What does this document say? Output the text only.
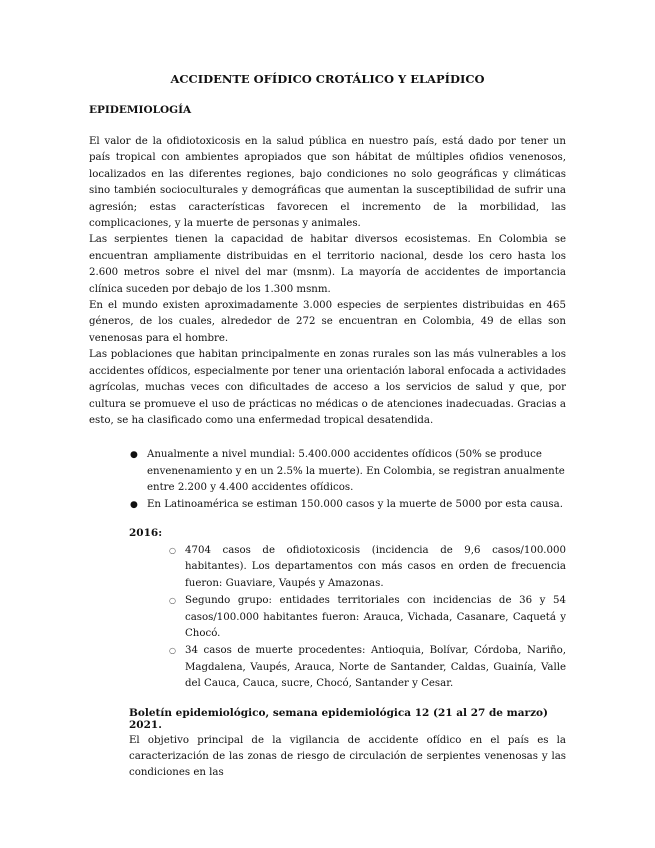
ACCIDENTE OFÍDICO CROTÁLICO Y ELAPÍDICO
EPIDEMIOLOGÍA

El valor de la ofidiotoxicosis en la salud pública en nuestro país, está dado por tener un país tropical con ambientes apropiados que son hábitat de múltiples ofidios venenosos, localizados en las diferentes regiones, bajo condiciones no solo geográficas y climáticas sino también socioculturales y demográficas que aumentan la susceptibilidad de sufrir una agresión; estas características favorecen el incremento de la morbilidad, las complicaciones, y la muerte de personas y animales.

Las serpientes tienen la capacidad de habitar diversos ecosistemas. En Colombia se encuentran ampliamente distribuidas en el territorio nacional, desde los cero hasta los 2.600 metros sobre el nivel del mar (msnm). La mayoría de accidentes de importancia clínica suceden por debajo de los 1.300 msnm.

En el mundo existen aproximadamente 3.000 especies de serpientes distribuidas en 465 géneros, de los cuales, alrededor de 272 se encuentran en Colombia, 49 de ellas son venenosas para el hombre.

Las poblaciones que habitan principalmente en zonas rurales son las más vulnerables a los accidentes ofídicos, especialmente por tener una orientación laboral enfocada a actividades agrícolas, muchas veces con dificultades de acceso a los servicios de salud y que, por cultura se promueve el uso de prácticas no médicas o de atenciones inadecuadas. Gracias a esto, se ha clasificado como una enfermedad tropical desatendida.

● Anualmente a nivel mundial: 5.400.000 accidentes ofídicos (50% se produce envenenamiento y en un 2.5% la muerte). En Colombia, se registran anualmente entre 2.200 y 4.400 accidentes ofídicos.
● En Latinoamérica se estiman 150.000 casos y la muerte de 5000 por esta causa.
2016:
○ 4704 casos de ofidiotoxicosis (incidencia de 9,6 casos/100.000 habitantes). Los departamentos con más casos en orden de frecuencia fueron: Guaviare, Vaupés y Amazonas.
○ Segundo grupo: entidades territoriales con incidencias de 36 y 54 casos/100.000 habitantes fueron: Arauca, Vichada, Casanare, Caquetá y Chocó.
○ 34 casos de muerte procedentes: Antioquia, Bolívar, Córdoba, Nariño, Magdalena, Vaupés, Arauca, Norte de Santander, Caldas, Guainía, Valle del Cauca, Cauca, sucre, Chocó, Santander y Cesar.
Boletín epidemiológico, semana epidemiológica 12 (21 al 27 de marzo) 2021.

El objetivo principal de la vigilancia de accidente ofídico en el país es la caracterización de las zonas de riesgo de circulación de serpientes venenosas y las condiciones en las
